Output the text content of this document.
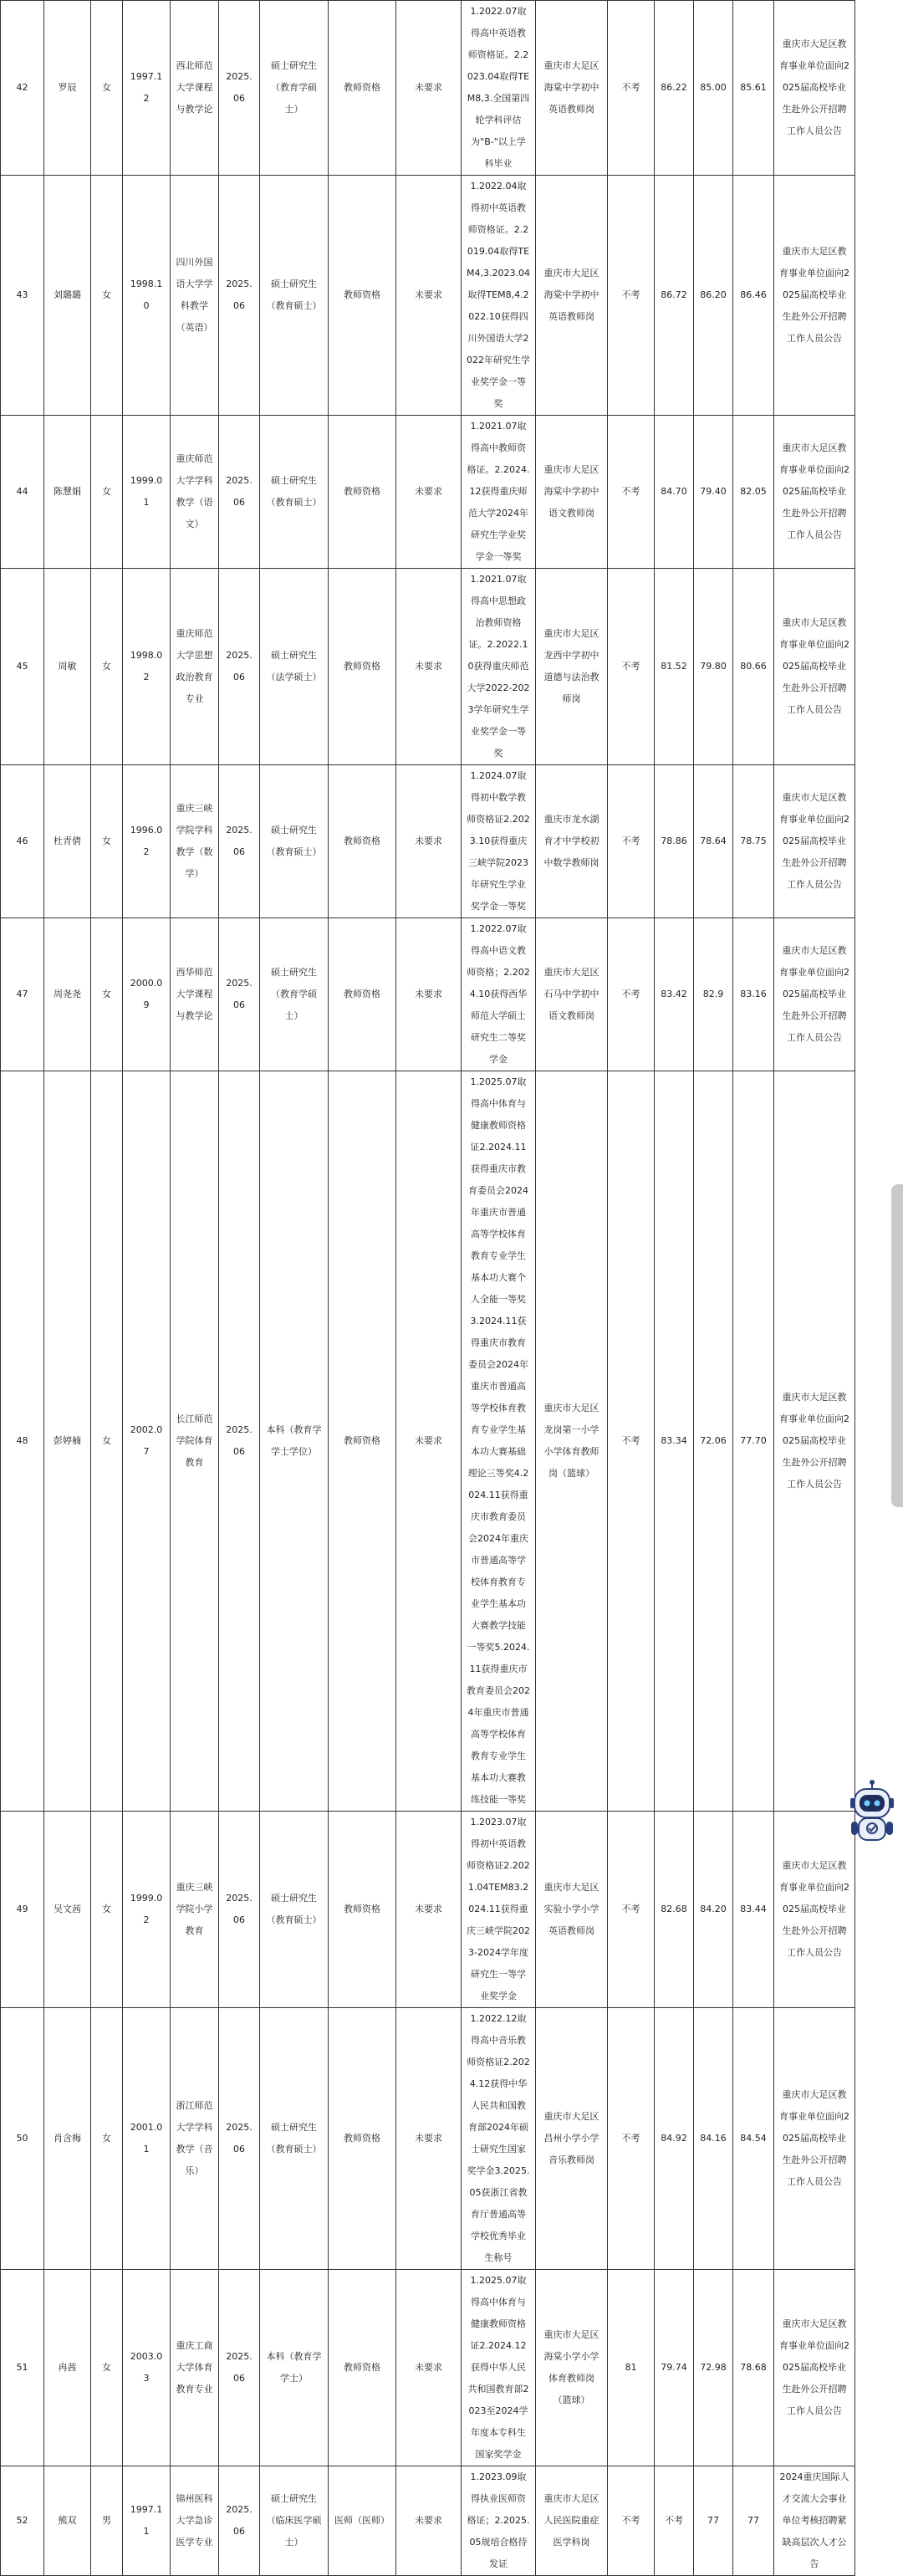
42	罗辰	女	1997.12	西北师范大学课程与教学论	2025.06	硕士研究生（教育学硕士）	教师资格	未要求	1.2022.07取得高中英语教师资格证。2.2023.04取得TEM8,3.全国第四轮学科评估为"B-"以上学科毕业	重庆市大足区海棠中学初中英语教师岗	不考	86.22	85.00	85.61	重庆市大足区教育事业单位面向2025届高校毕业生赴外公开招聘工作人员公告
43	刘璐璐	女	1998.10	四川外国语大学学科教学（英语）	2025.06	硕士研究生（教育硕士）	教师资格	未要求	1.2022.04取得初中英语教师资格证。2.2019.04取得TEM4,3.2023.04取得TEM8,4.2022.10获得四川外国语大学2022年研究生学业奖学金一等奖	重庆市大足区海棠中学初中英语教师岗	不考	86.72	86.20	86.46	重庆市大足区教育事业单位面向2025届高校毕业生赴外公开招聘工作人员公告
44	陈慧娟	女	1999.01	重庆师范大学学科教学（语文）	2025.06	硕士研究生（教育硕士）	教师资格	未要求	1.2021.07取得高中教师资格证。2.2024.12获得重庆师范大学2024年研究生学业奖学金一等奖	重庆市大足区海棠中学初中语文教师岗	不考	84.70	79.40	82.05	重庆市大足区教育事业单位面向2025届高校毕业生赴外公开招聘工作人员公告
45	周敏	女	1998.02	重庆师范大学思想政治教育专业	2025.06	硕士研究生（法学硕士）	教师资格	未要求	1.2021.07取得高中思想政治教师资格证。2.2022.10获得重庆师范大学2022-2023学年研究生学业奖学金一等奖	重庆市大足区龙西中学初中道德与法治教师岗	不考	81.52	79.80	80.66	重庆市大足区教育事业单位面向2025届高校毕业生赴外公开招聘工作人员公告
46	杜青倩	女	1996.02	重庆三峡学院学科教学（数学）	2025.06	硕士研究生（教育硕士）	教师资格	未要求	1.2024.07取得初中数学教师资格证2.2023.10获得重庆三峡学院2023年研究生学业奖学金一等奖	重庆市龙水湖育才中学校初中数学教师岗	不考	78.86	78.64	78.75	重庆市大足区教育事业单位面向2025届高校毕业生赴外公开招聘工作人员公告
47	周尧尧	女	2000.09	西华师范大学课程与教学论	2025.06	硕士研究生（教育学硕士）	教师资格	未要求	1.2022.07取得高中语文教师资格；2.2024.10获得西华师范大学硕士研究生二等奖学金	重庆市大足区石马中学初中语文教师岗	不考	83.42	82.9	83.16	重庆市大足区教育事业单位面向2025届高校毕业生赴外公开招聘工作人员公告
48	彭婷楠	女	2002.07	长江师范学院体育教育	2025.06	本科（教育学学士学位）	教师资格	未要求	1.2025.07取得高中体育与健康教师资格证2.2024.11获得重庆市教育委员会2024年重庆市普通高等学校体育教育专业学生基本功大赛个人全能一等奖3.2024.11获得重庆市教育委员会2024年重庆市普通高等学校体育教育专业学生基本功大赛基础理论三等奖4.2024.11获得重庆市教育委员会2024年重庆市普通高等学校体育教育专业学生基本功大赛教学技能一等奖5.2024.11获得重庆市教育委员会2024年重庆市普通高等学校体育教育专业学生基本功大赛教练技能一等奖	重庆市大足区龙岗第一小学小学体育教师岗（篮球）	不考	83.34	72.06	77.70	重庆市大足区教育事业单位面向2025届高校毕业生赴外公开招聘工作人员公告
49	吴文茜	女	1999.02	重庆三峡学院小学教育	2025.06	硕士研究生（教育硕士）	教师资格	未要求	1.2023.07取得初中英语教师资格证2.2021.04TEM83.2024.11获得重庆三峡学院2023-2024学年度研究生一等学业奖学金	重庆市大足区实验小学小学英语教师岗	不考	82.68	84.20	83.44	重庆市大足区教育事业单位面向2025届高校毕业生赴外公开招聘工作人员公告
50	肖含梅	女	2001.01	浙江师范大学学科教学（音乐）	2025.06	硕士研究生（教育硕士）	教师资格	未要求	1.2022.12取得高中音乐教师资格证2.2024.12获得中华人民共和国教育部2024年硕士研究生国家奖学金3.2025.05获浙江省教育厅普通高等学校优秀毕业生称号	重庆市大足区昌州小学小学音乐教师岗	不考	84.92	84.16	84.54	重庆市大足区教育事业单位面向2025届高校毕业生赴外公开招聘工作人员公告
51	冉茜	女	2003.03	重庆工商大学体育教育专业	2025.06	本科（教育学学士）	教师资格	未要求	1.2025.07取得高中体育与健康教师资格证2.2024.12获得中华人民共和国教育部2023至2024学年度本专科生国家奖学金	重庆市大足区海棠小学小学体育教师岗（篮球）	81	79.74	72.98	78.68	重庆市大足区教育事业单位面向2025届高校毕业生赴外公开招聘工作人员公告
52	熊双	男	1997.11	锦州医科大学急诊医学专业	2025.06	硕士研究生（临床医学硕士）	医师（医师）	未要求	1.2023.09取得执业医师资格证；2.2025.05规培合格待发证	重庆市大足区人民医院重症医学科岗	不考	不考	77	77	2024重庆国际人才交流大会事业单位考核招聘紧缺高层次人才公告
